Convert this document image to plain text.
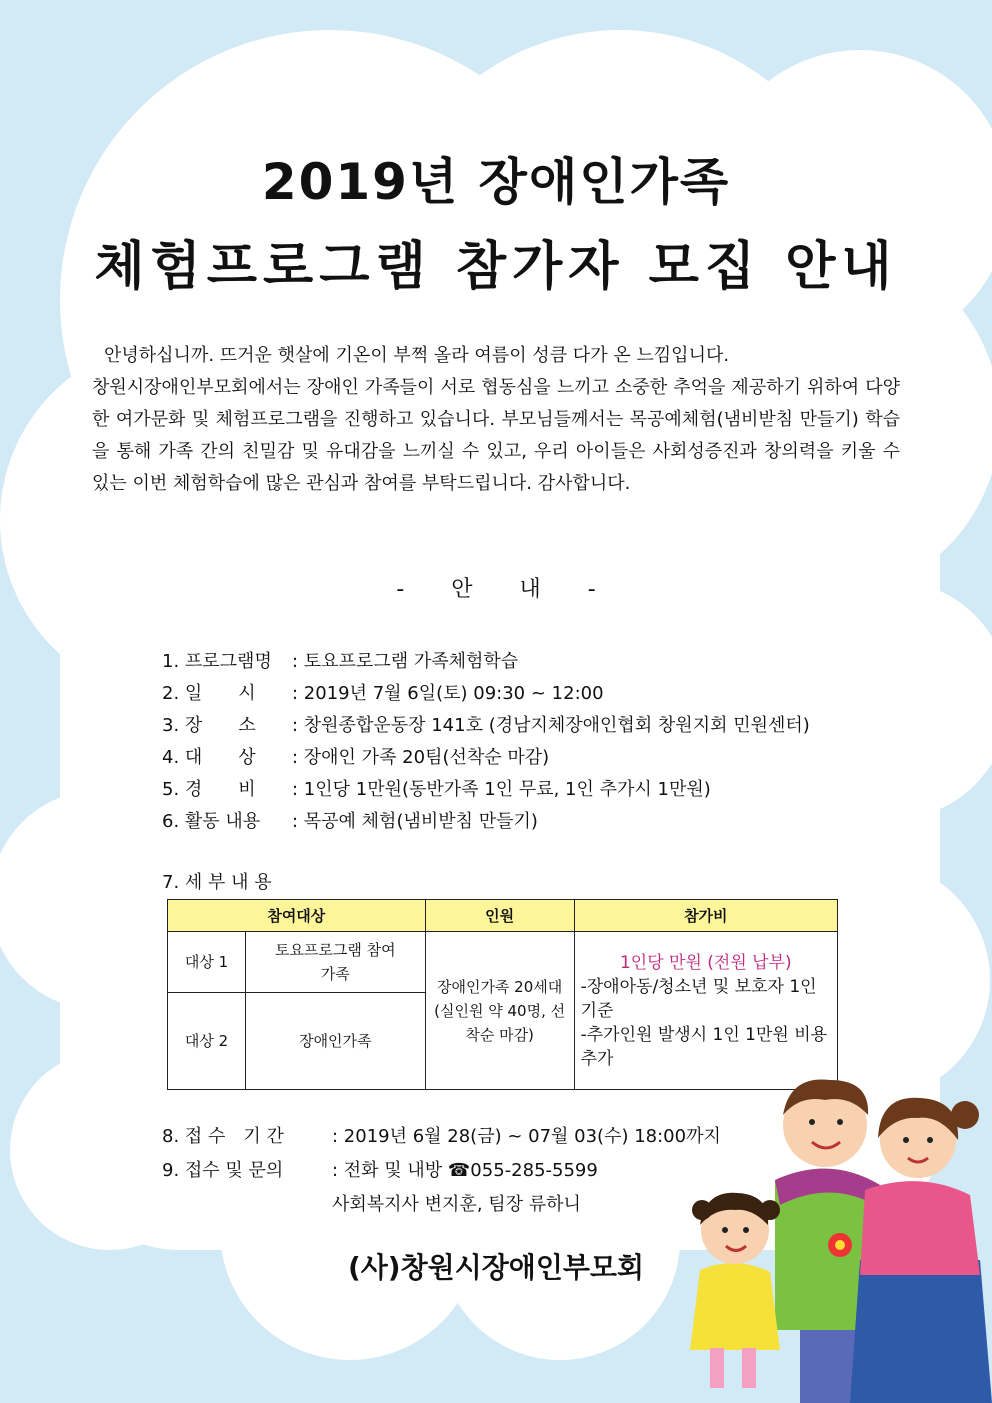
2019년 장애인가족
체험프로그램 참가자 모집 안내

안녕하십니까. 뜨거운 햇살에 기온이 부쩍 올라 여름이 성큼 다가 온 느낌입니다.

창원시장애인부모회에서는 장애인 가족들이 서로 협동심을 느끼고 소중한 추억을 제공하기 위하여 다양한 여가문화 및 체험프로그램을 진행하고 있습니다. 부모님들께서는 목공예체험(냄비받침 만들기) 학습을 통해 가족 간의 친밀감 및 유대감을 느끼실 수 있고, 우리 아이들은 사회성증진과 창의력을 키울 수 있는 이번 체험학습에 많은 관심과 참여를 부탁드립니다. 감사합니다.

- 안 내 -
1. 프로그램명 : 토요프로그램 가족체험학습
2. 일　　시 : 2019년 7월 6일(토) 09:30 ~ 12:00
3. 장　　소 : 창원종합운동장 141호 (경남지체장애인협회 창원지회 민원센터)
4. 대　　상 : 장애인 가족 20팀(선착순 마감)
5. 경　　비 : 1인당 1만원(동반가족 1인 무료, 1인 추가시 1만원)
6. 활동 내용 : 목공예 체험(냄비받침 만들기)
7. 세 부 내 용
참여대상		인원	참가비
대상 1	토요프로그램 참여 가족	장애인가족 20세대 (실인원 약 40명, 선착순 마감)	1인당 만원 (전원 납부)
-장애아동/청소년 및 보호자 1인기준
-추가인원 발생시 1인 1만원 비용추가

대상 2	장애인가족		
8. 접 수　기 간	: 2019년 6월 28(금) ~ 07월 03(수) 18:00까지
9. 접수 및 문의	: 전화 및 내방 ☎055-285-5599
사회복지사 변지훈, 팀장 류하니
(사)창원시장애인부모회
